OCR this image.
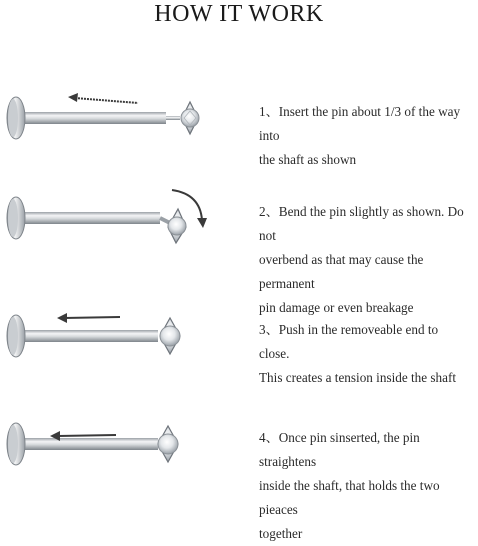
HOW IT WORK
1、Insert the pin about 1/3 of the way into
the shaft as shown
2、Bend the pin slightly as shown. Do not
overbend as that may cause the permanent
pin damage or even breakage
3、Push in the removeable end to close.
This creates a tension inside the shaft
4、Once pin sinserted, the pin straightens
inside the shaft, that holds the two pieaces
together
